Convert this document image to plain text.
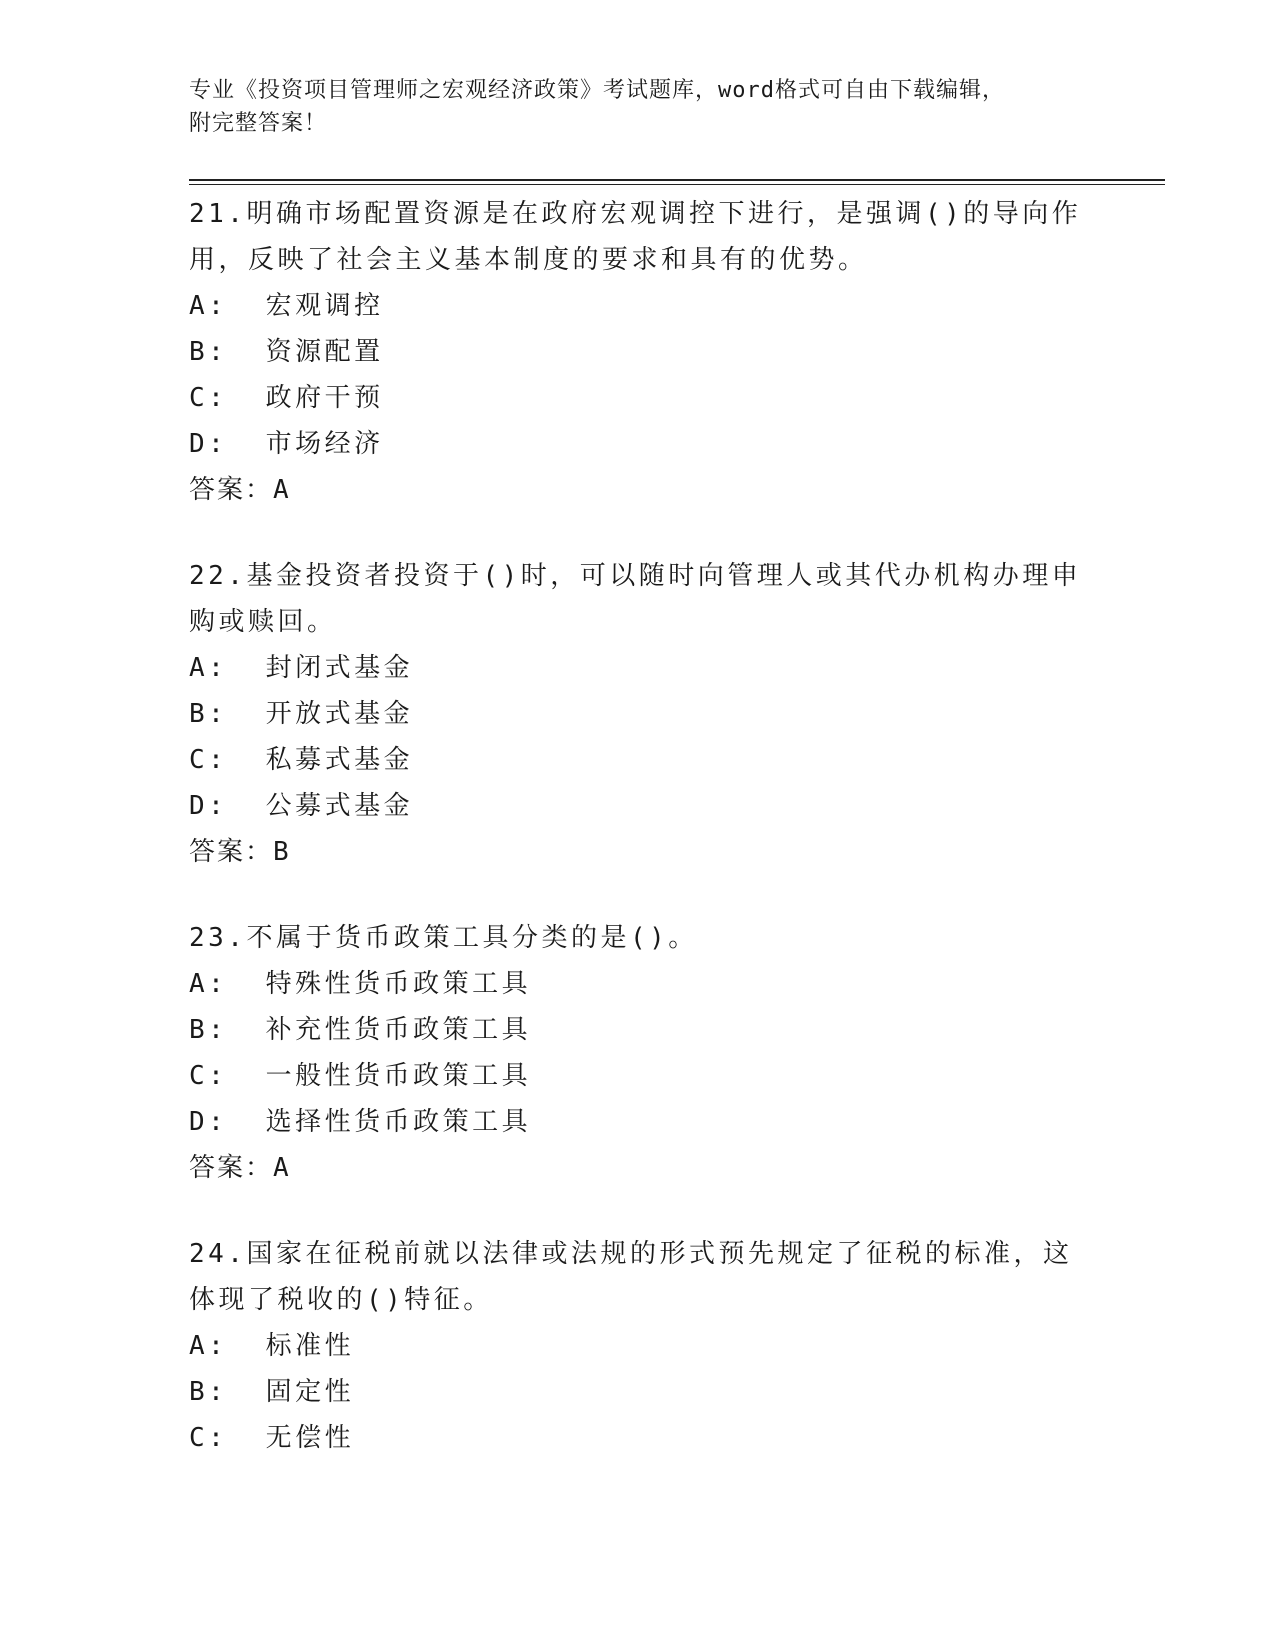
专业《投资项目管理师之宏观经济政策》考试题库，word格式可自由下载编辑，
附完整答案！
21.明确市场配置资源是在政府宏观调控下进行，是强调()的导向作用，反映了社会主义基本制度的要求和具有的优势。
A:  宏观调控
B:  资源配置
C:  政府干预
D:  市场经济
答案：A
22.基金投资者投资于()时，可以随时向管理人或其代办机构办理申购或赎回。
A:  封闭式基金
B:  开放式基金
C:  私募式基金
D:  公募式基金
答案：B
23.不属于货币政策工具分类的是()。
A:  特殊性货币政策工具
B:  补充性货币政策工具
C:  一般性货币政策工具
D:  选择性货币政策工具
答案：A
24.国家在征税前就以法律或法规的形式预先规定了征税的标准，这体现了税收的()特征。
A:  标准性
B:  固定性
C:  无偿性
